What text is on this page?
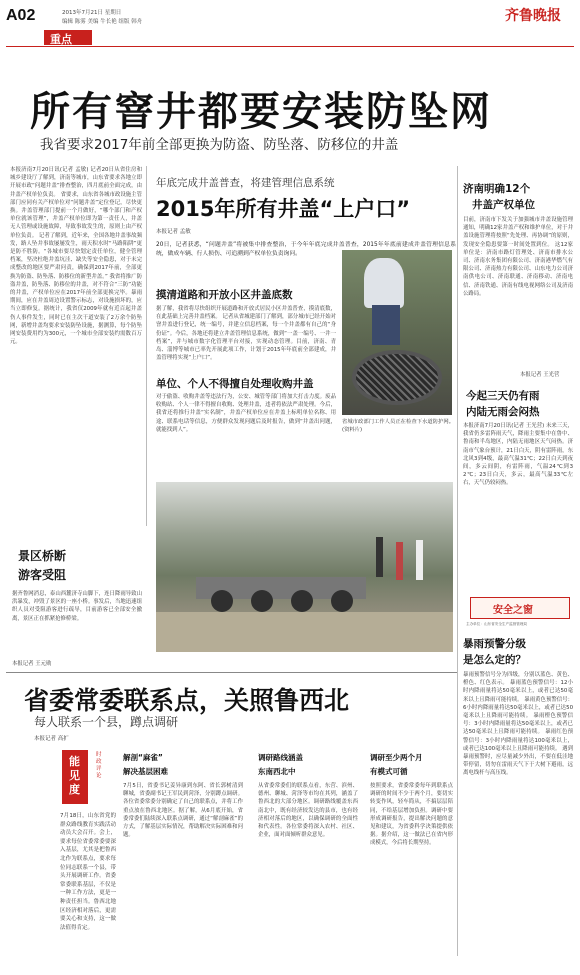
A02	2013年7月21日 星期日
编辑 陈雾 美编 牛长艳 组版 韩舟	齐鲁晚报
重点
所有窨井都要安装防坠网
我省要求2017年前全部更换为防盗、防坠落、防移位的井盖
本报济南7月20日讯(记者 孟敏) 记者20日从省住房和城乡建设厅了解到，济南等城市，山东省要求各地立即开展市政“问题井盖”排查整治，四月底前全面完成，由井盖产权单位负责。 省要求，山东省各城市政设施主管部门应同有关产权单位对“问题井盖”定位登记，尽快更换。井盖管理部门提前一个月做好，“哪个部门和产权单位就该管理”，井盖产权单位即为第一责任人，井盖无人管理或设施故障，导致事故发生的，原则上由产权单位负责。 记者了解到，近年来，全国各地井盖事故频发，路人坠井事故屡屡发生，雨天积水时“马路陷阱”更是防不胜防。“各城市要尽快划定责任单位，健全管理档案，坚决杜绝井盖坑洼、缺失等安全隐患，对于未完成整改的地区要严肃问责，确保到2017年前，全部更换为防盗、防坠落、防移位的新型井盖。” 我省将推广防盗井盖，防坠落、防移位的井盖，对不符合“三防”功能的井盖，产权单位应在2017年前全部更换完毕。暴雨期间，应在井盖周边设置警示标志，对设施损坏的，应当立即修复。据统计，我省仅2009年就有近百起井盖伤人事件发生，同时已在主次干道安装了2万余个防坠网，新增井盖均要求安装防坠设施，据测算，每个防坠网安装费用约为300元，一个城市全部安装约需数百万元。
年底完成井盖普查，将建管理信息系统
2015年所有井盖“上户口”
本报记者 孟敏
20日，记者获悉，“问题井盖”将被集中排查整治，于今年年底完成井盖普查，2015年年底前建成井盖管理信息系统，做成车辆、行人损伤、可追溯到产权单位负责询问。
摸清道路和开放小区井盖底数
据了解，我省将尽快组织开展道路和开放式居民小区井盖普查，摸清底数，在此基础上完善井盖档案。 记者从省城建部门了解到，部分城市已经开始对窨井盖进行登记，统一编号，并建立信息档案，每一个井盖都有自己的“身份证”。今后，各地还将建立井盖管理信息系统，做到“一盖一编号、一井一档案”，并与城市数字化管理平台对接，实现动态管理。目前，济南、青岛、淄博等城市已率先开展此项工作，计划于2015年年底前全部建成，井盖管理将实现“上户口”。
单位、个人不得擅自处理收购井盖
对于偷盗、收购井盖等违法行为，公安、城管等部门将加大打击力度。废品收购站、个人一律不得擅自收购、处理井盖，违者将依法严肃处理。今后，我省还将推行井盖“实名制”，井盖产权单位应在井盖上标明单位名称、用途、联系电话等信息，方便群众发现问题后及时报告，做到“井盖出问题，就能找到人”。
省城市政部门工作人员正在检查下水道防护网。(资料片)
济南明确12个
井盖产权单位
目前，济南市下发关于加强城市井盖设施管理通知，明确12家井盖产权和维护单位，对于井盖设施管理将按照“先处理、再协调”的原则，发现安全隐患要第一时间处置到位。 这12家单位是：济南市路灯管理处、济南市排水公司、济南水务集团有限公司、济南港华燃气有限公司、济南热力有限公司、山东电力公司济南供电公司、济南联通、济南移动、济南电信、济南铁通、济南有线电视网络公司及济南公路局。
本报记者 王光营
今起三天仍有雨
内陆无雨会闷热
本报济南7月20日讯(记者 王光营) 未来三天，我省仍多雷阵雨天气，降雨主要集中在鲁中、鲁南和半岛地区，内陆无雨地区天气闷热。济南市气象台预计，21日白天，阴有雷阵雨，东北风3到4级，最高气温31℃；22日白天到夜间，多云间阴，有雷阵雨，气温24℃到32℃；23日白天，多云，最高气温33℃左右，天气仍较闷热。
安全之窗
主办单位：山东省安全生产监督管理局
暴雨预警分级
是怎么定的？
暴雨预警信号分为四级，分别以蓝色、黄色、橙色、红色表示。 暴雨蓝色预警信号：12小时内降雨量将达50毫米以上，或者已达50毫米以上且降雨可能持续。 暴雨黄色预警信号：6小时内降雨量将达50毫米以上，或者已达50毫米以上且降雨可能持续。 暴雨橙色预警信号：3小时内降雨量将达50毫米以上，或者已达50毫米以上且降雨可能持续。 暴雨红色预警信号：3小时内降雨量将达100毫米以上，或者已达100毫米以上且降雨可能持续。 遇到暴雨预警时，应尽量减少外出，不要在低洼地带停留，切勿在雷雨天气下于大树下避雨，远离电线杆与高压线。
景区桥断
游客受阻
据齐鲁网消息，泰山西麓济寺山脚下，连日降雨导致山洪暴发，冲毁了景区的一座小桥。事发后，当地迅速组织人员对受阻游客进行疏导，目前游客已全部安全撤离，景区正在抓紧抢修桥梁。
本报记者 王元勋
省委常委联系点，关照鲁西北
每人联系一个县，蹲点调研
本报记者 高扩
能见度
时政评论
7月18日，山东省党的群众路线教育实践活动动员大会召开。会上，要求每位省委常委要深入基层，尤其是把鲁西北作为联系点，要求每位同志联系一个县，带头开展调研工作。省委常委联系基层，不仅是一种工作方法，更是一种责任担当。鲁西北地区经济相对落后，更需要关心和支持，这一做法值得肯定。
解剖“麻雀”
解决基层困难
7月5日，省委书记姜异康到东阿、省长郭树清到聊城，省委副书记王军民到菏泽，分别蹲点调研。各位省委常委分别确定了自己的联系点，并将工作重点放在鲁西北地区。据了解，从6月底开始，省委常委们陆续深入联系点调研，通过“解剖麻雀”的方式，了解基层实际情况，帮助解决实际困难和问题。
调研路线涵盖
东南西北中
从省委常委们的联系点看，东营、滨州、德州、聊城、菏泽等市均在其列，涵盖了鲁西北的大部分地区。调研路线覆盖东西南北中，既有经济较发达的县市，也有经济相对落后的地区，以确保调研的全面性和代表性。各位常委将深入农村、社区、企业，面对面倾听群众意见。
调研至少两个月
有模式可循
按照要求，省委常委每年到联系点调研的时间不少于两个月，要切实转变作风，轻车简从，不搞层层陪同，不给基层增加负担。调研中要形成调研报告，提出解决问题的意见和建议，为省委科学决策提供依据。据介绍，这一做法已在省内形成模式，今后将长期坚持。
